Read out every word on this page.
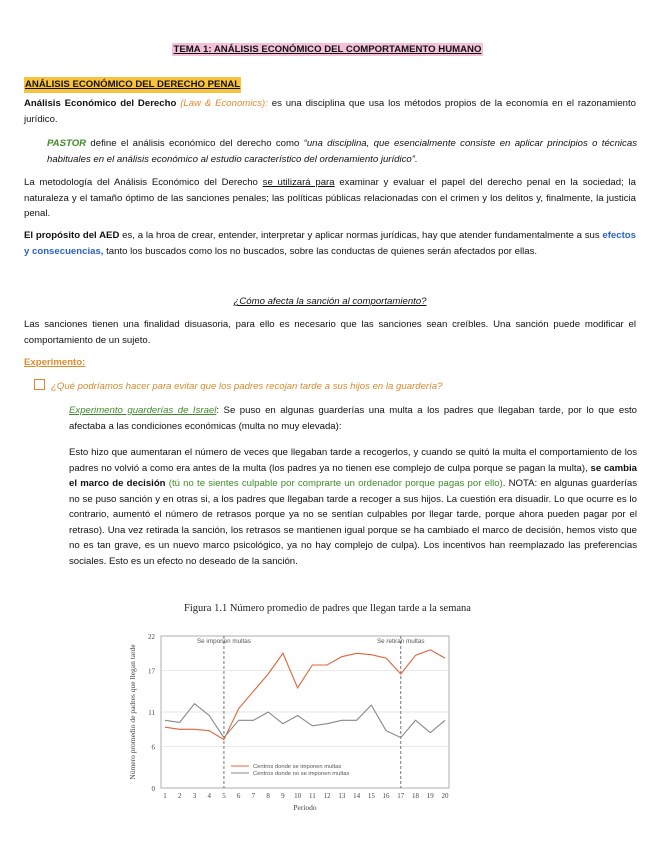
TEMA 1: ANÁLISIS ECONÓMICO DEL COMPORTAMENTO HUMANO
ANÁLISIS ECONÓMICO DEL DERECHO PENAL

Análisis Económico del Derecho (Law & Economics): es una disciplina que usa los métodos propios de la economía en el razonamiento jurídico.

PASTOR define el análisis económico del derecho como “una disciplina, que esencialmente consiste en aplicar principios o técnicas habituales en el análisis económico al estudio característico del ordenamiento jurídico”.

La metodología del Análisis Económico del Derecho se utilizará para examinar y evaluar el papel del derecho penal en la sociedad; la naturaleza y el tamaño óptimo de las sanciones penales; las políticas públicas relacionadas con el crimen y los delitos y, finalmente, la justicia penal.

El propósito del AED es, a la hroa de crear, entender, interpretar y aplicar normas jurídicas, hay que atender fundamentalmente a sus efectos y consecuencias, tanto los buscados como los no buscados, sobre las conductas de quienes serán afectados por ellas.

¿Cómo afecta la sanción al comportamiento?

Las sanciones tienen una finalidad disuasoria, para ello es necesario que las sanciones sean creíbles. Una sanción puede modificar el comportamiento de un sujeto.

Experimento:

¿Qué podríamos hacer para evitar que los padres recojan tarde a sus hijos en la guardería?

Experimento guarderías de Israel: Se puso en algunas guarderías una multa a los padres que llegaban tarde, por lo que esto afectaba a las condiciones económicas (multa no muy elevada):

Esto hizo que aumentaran el número de veces que llegaban tarde a recogerlos, y cuando se quitó la multa el comportamiento de los padres no volvió a como era antes de la multa (los padres ya no tienen ese complejo de culpa porque se pagan la multa), se cambia el marco de decisión (tú no te sientes culpable por comprarte un ordenador porque pagas por ello). NOTA: en algunas guarderías no se puso sanción y en otras si, a los padres que llegaban tarde a recoger a sus hijos. La cuestión era disuadir. Lo que ocurre es lo contrario, aumentó el número de retrasos porque ya no se sentían culpables por llegar tarde, porque ahora pueden pagar por el retraso). Una vez retirada la sanción, los retrasos se mantienen igual porque se ha cambiado el marco de decisión, hemos visto que no es tan grave, es un nuevo marco psicológico, ya no hay complejo de culpa). Los incentivos han reemplazado las preferencias sociales. Esto es un efecto no deseado de la sanción.

Figura 1.1 Número promedio de padres que llegan tarde a la semana
0
6
11
17
22
1 2 3 4 5 6 7 8 9 10 11 12 13 14 15 16 17 18 19 20
Período
Número promedio de padres que llegan tarde
Se imponen multas	Se retiran multas
Centros donde se imponen multas
Centros donde no se imponen multas
